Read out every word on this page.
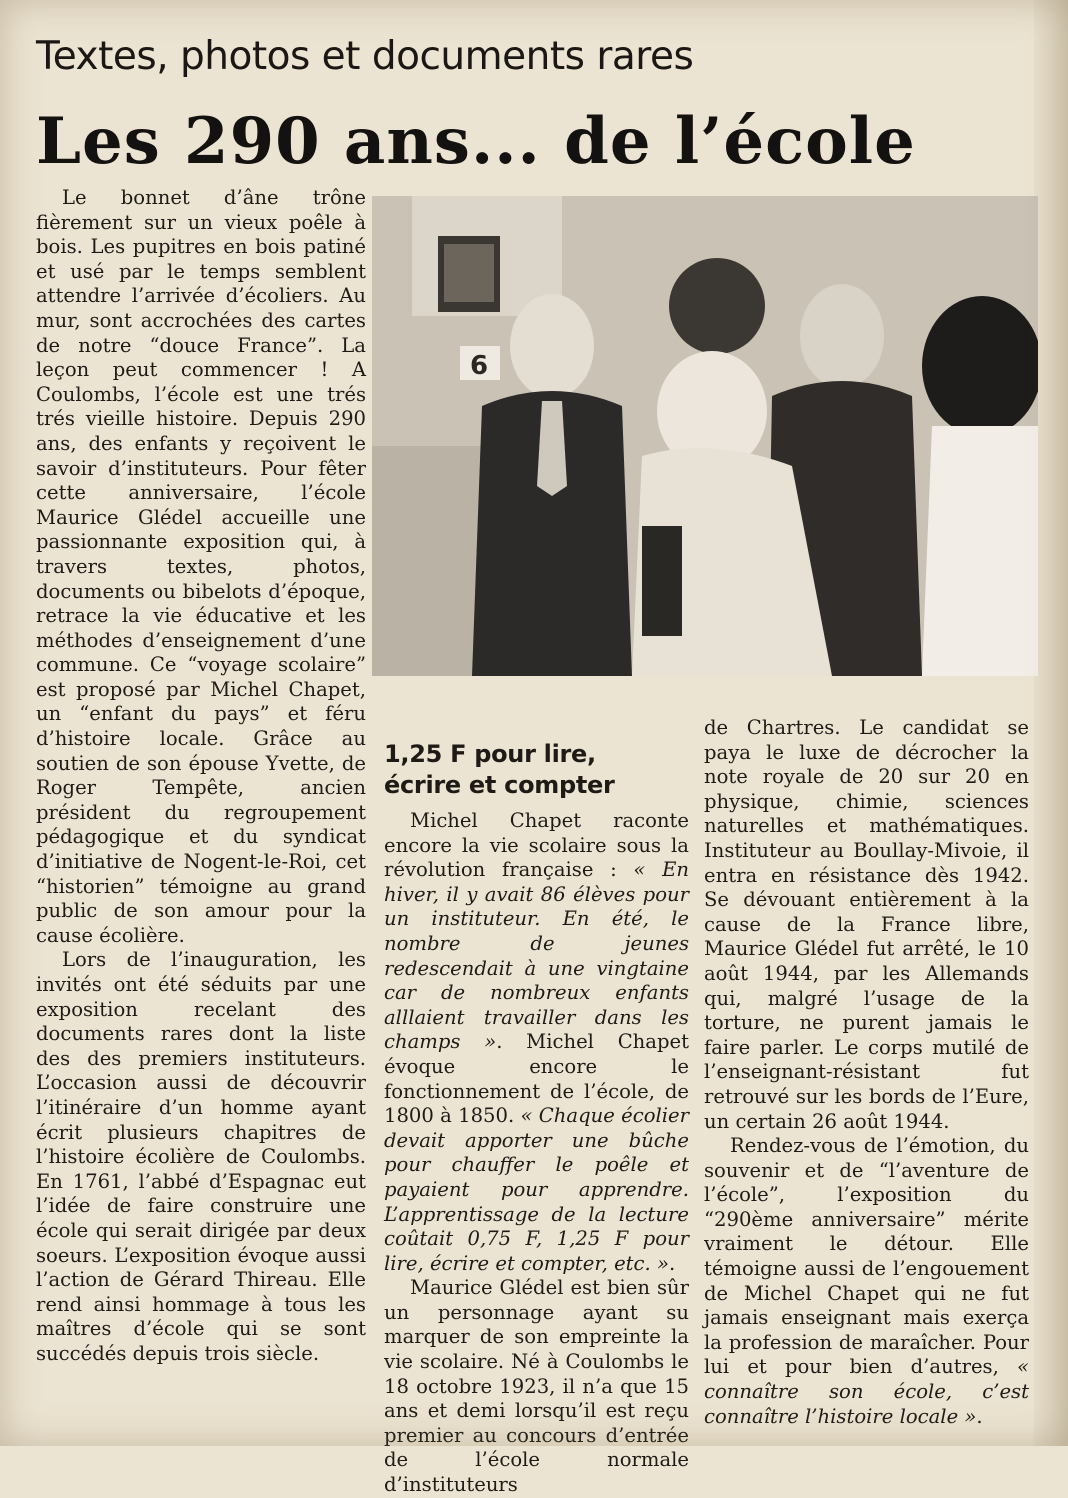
Textes, photos et documents rares
Les 290 ans... de l’école

Le bonnet d’âne trône fièrement sur un vieux poêle à bois. Les pupitres en bois patiné et usé par le temps semblent attendre l’arrivée d’écoliers. Au mur, sont accrochées des cartes de notre “douce France”. La leçon peut commencer ! A Coulombs, l’école est une trés trés vieille histoire. Depuis 290 ans, des enfants y reçoivent le savoir d’instituteurs. Pour fêter cette anniversaire, l’école Maurice Glédel accueille une passionnante exposition qui, à travers textes, photos, documents ou bibelots d’époque, retrace la vie éducative et les méthodes d’enseignement d’une commune. Ce “voyage scolaire” est proposé par Michel Chapet, un “enfant du pays” et féru d’histoire locale. Grâce au soutien de son épouse Yvette, de Roger Tempête, ancien président du regroupement pédagogique et du syndicat d’initiative de Nogent-le-Roi, cet “historien” témoigne au grand public de son amour pour la cause écolière.

Lors de l’inauguration, les invités ont été séduits par une exposition recelant des documents rares dont la liste des des premiers instituteurs. L’occasion aussi de découvrir l’itinéraire d’un homme ayant écrit plusieurs chapitres de l’histoire écolière de Coulombs. En 1761, l’abbé d’Espagnac eut l’idée de faire construire une école qui serait dirigée par deux soeurs. L’exposition évoque aussi l’action de Gérard Thireau. Elle rend ainsi hommage à tous les maîtres d’école qui se sont succédés depuis trois siècle.

6
1,25 F pour lire,
écrire et compter

Michel Chapet raconte encore la vie scolaire sous la révolution française : « En hiver, il y avait 86 élèves pour un instituteur. En été, le nombre de jeunes redescendait à une vingtaine car de nombreux enfants alllaient travailler dans les champs ». Michel Chapet évoque encore le fonctionnement de l’école, de 1800 à 1850. « Chaque écolier devait apporter une bûche pour chauffer le poêle et payaient pour apprendre. L’apprentissage de la lecture coûtait 0,75 F, 1,25 F pour lire, écrire et compter, etc. ».

Maurice Glédel est bien sûr un personnage ayant su marquer de son empreinte la vie scolaire. Né à Coulombs le 18 octobre 1923, il n’a que 15 ans et demi lorsqu’il est reçu premier au concours d’entrée de l’école normale d’instituteurs

de Chartres. Le candidat se paya le luxe de décrocher la note royale de 20 sur 20 en physique, chimie, sciences naturelles et mathématiques. Instituteur au Boullay-Mivoie, il entra en résistance dès 1942. Se dévouant entièrement à la cause de la France libre, Maurice Glédel fut arrêté, le 10 août 1944, par les Allemands qui, malgré l’usage de la torture, ne purent jamais le faire parler. Le corps mutilé de l’enseignant-résistant fut retrouvé sur les bords de l’Eure, un certain 26 août 1944.

Rendez-vous de l’émotion, du souvenir et de “l’aventure de l’école”, l’exposition du “290ème anniversaire” mérite vraiment le détour. Elle témoigne aussi de l’engouement de Michel Chapet qui ne fut jamais enseignant mais exerça la profession de maraîcher. Pour lui et pour bien d’autres, « connaître son école, c’est connaître l’histoire locale ».
